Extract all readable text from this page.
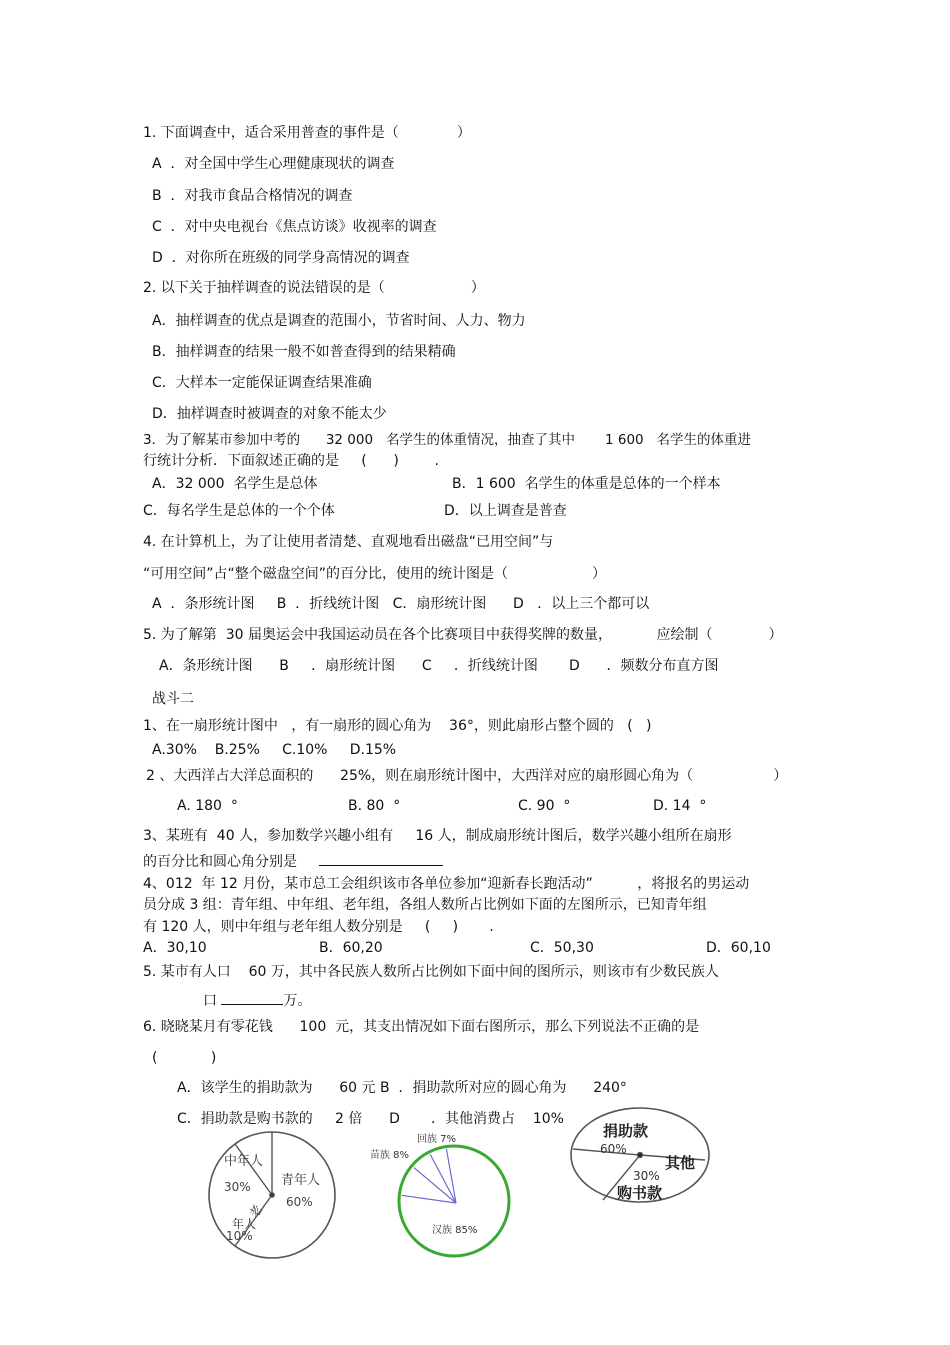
1. 下面调查中，适合采用普查的事件是（	）
A  ．对全国中学生心理健康现状的调查
B  ．对我市食品合格情况的调查
C  ．对中央电视台《焦点访谈》收视率的调查
D  ．对你所在班级的同学身高情况的调查
2. 以下关于抽样调查的说法错误的是（	）
A．抽样调查的优点是调查的范围小，节省时间、人力、物力
B．抽样调查的结果一般不如普查得到的结果精确
C．大样本一定能保证调查结果准确
D．抽样调查时被调查的对象不能太少
3．为了解某市参加中考的      32 000   名学生的体重情况，抽查了其中       1 600   名学生的体重进
行统计分析．下面叙述正确的是     (      )        .
A．32 000  名学生是总体	B．1 600  名学生的体重是总体的一个样本
C．每名学生是总体的一个个体	D．以上调查是普查
4. 在计算机上，为了让使用者清楚、直观地看出磁盘“已用空间”与
“可用空间”占“整个磁盘空间”的百分比，使用的统计图是（	）
A  ．条形统计图     B  ．折线统计图   C．扇形统计图      D   ．以上三个都可以
5. 为了解第  30 届奥运会中我国运动员在各个比赛项目中获得奖牌的数量，          应绘制（	）
A．条形统计图      B     ．扇形统计图      C     ．折线统计图       D      ．频数分布直方图
战斗二
1、在一扇形统计图中   ，有一扇形的圆心角为    36°，则此扇形占整个圆的   (   )
A.30%    B.25%     C.10%     D.15%
2 、大西洋占大洋总面积的      25%，则在扇形统计图中，大西洋对应的扇形圆心角为（	）
A. 180  °	B. 80  °	C. 90  °	D. 14  °
3、某班有  40 人，参加数学兴趣小组有     16 人，制成扇形统计图后，数学兴趣小组所在扇形
的百分比和圆心角分别是
4、012  年 12 月份，某市总工会组织该市各单位参加“迎新春长跑活动”          ，将报名的男运动
员分成 3 组：青年组、中年组、老年组，各组人数所占比例如下面的左图所示，已知青年组
有 120 人，则中年组与老年组人数分别是     (     )       .
A．30,10	B．60,20	C．50,30	D．60,10
5. 某市有人口    60 万，其中各民族人数所占比例如下面中间的图所示，则该市有少数民族人
口	万。
6. 晓晓某月有零花钱      100  元，其支出情况如下面右图所示，那么下列说法不正确的是
(            )
A．该学生的捐助款为      60 元 B  ．捐助款所对应的圆心角为      240°
C．捐助款是购书款的     2 倍      D       ．其他消费占    10%
青年人
60%
中年人
30%
老
年人
10%	汉族 85%
苗族 8%
回族 7%	捐助款
60%
30%
购书款
其他
